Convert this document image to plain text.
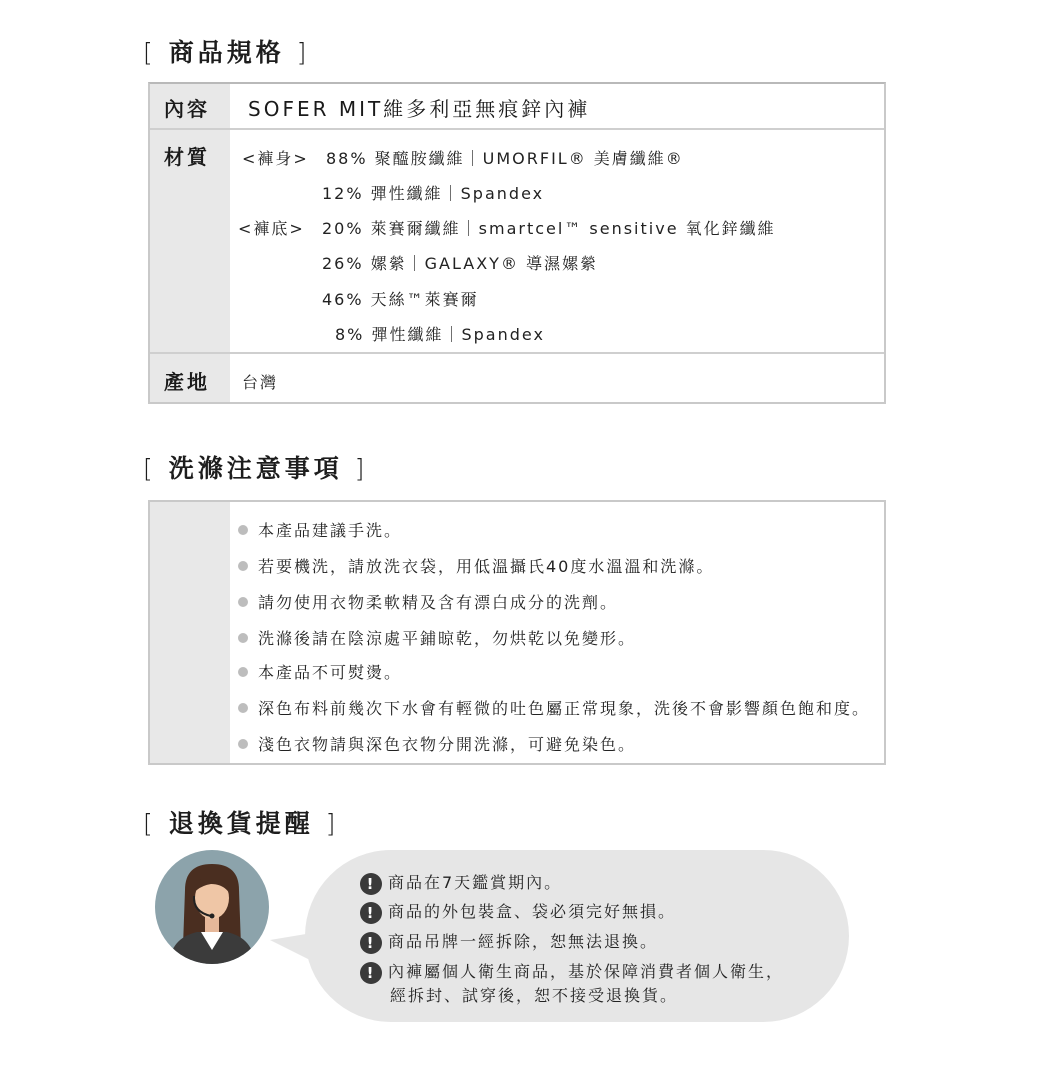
[ 商品規格 ]
內容 SOFER MIT維多利亞無痕鋅內褲
材質 <褲身> 88% 聚醯胺纖維｜UMORFIL® 美膚纖維®
12% 彈性纖維｜Spandex
<褲底> 20% 萊賽爾纖維｜smartcel™ sensitive 氧化鋅纖維
26% 嫘縈｜GALAXY® 導濕嫘縈
46% 天絲™萊賽爾
8% 彈性纖維｜Spandex
產地 台灣
[ 洗滌注意事項 ]
本產品建議手洗。
若要機洗，請放洗衣袋，用低溫攝氏40度水溫溫和洗滌。
請勿使用衣物柔軟精及含有漂白成分的洗劑。
洗滌後請在陰涼處平鋪晾乾，勿烘乾以免變形。
本產品不可熨燙。
深色布料前幾次下水會有輕微的吐色屬正常現象，洗後不會影響顏色飽和度。
淺色衣物請與深色衣物分開洗滌，可避免染色。
[ 退換貨提醒 ]
! 商品在7天鑑賞期內。
! 商品的外包裝盒、袋必須完好無損。
! 商品吊牌一經拆除，恕無法退換。
! 內褲屬個人衛生商品，基於保障消費者個人衛生，
經拆封、試穿後，恕不接受退換貨。
